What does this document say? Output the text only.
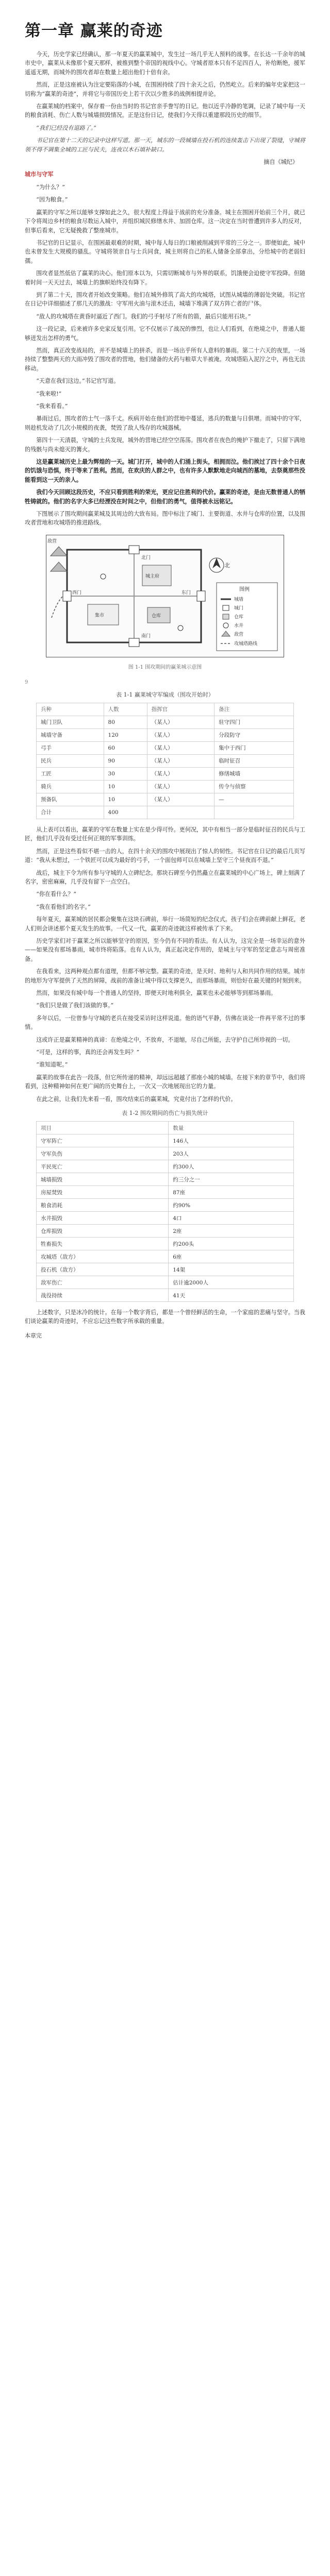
第一章 赢莱的奇迹

今天，历史学家已经确认，那一年夏天的赢莱城中，发生过一场几乎无人预料的战事。在长达一千余年的城市史中，赢莱从未像那个夏天那样，被推到整个帝国的视线中心。守城者原本只有不足四百人，补给断绝，援军遥遥无期，而城外的围攻者却在数量上超出他们十倍有余。

然而，正是这座被认为注定要陷落的小城，在围困持续了四十余天之后，仍然屹立。后来的编年史家把这一切称为“赢莱的奇迹”，并将它与帝国历史上若干次以少胜多的战例相提并论。

在赢莱城的档案中，保存着一份由当时的书记官亲手誊写的日记。他以近乎冷静的笔调，记录了城中每一天的粮食消耗、伤亡人数与城墙损毁情况。正是这份日记，使我们今天得以重建那段历史的细节。

“我们已经没有退路了。”

书记官在第十二天的记录中这样写道。那一天，城东的一段城墙在投石机的连续轰击下出现了裂缝，守城将领不得不调集全城的工匠与民夫，连夜以木石填补缺口。

摘自《城纪》

城市与守军

“为什么？”

“因为粮食。”

赢莱的守军之所以能够支撑如此之久，很大程度上得益于战前的充分准备。城主在围困开始前三个月，就已下令将周边乡村的粮食尽数运入城中，并组织城民修缮水井、加固仓库。这一决定在当时曾遭到许多人的反对，但事后看来，它无疑挽救了整座城市。

书记官的日记显示，在围困最艰难的时期，城中每人每日的口粮被削减到平常的三分之一。即便如此，城中也未曾发生大规模的骚乱。守城将领亲自与士兵同食，城主则将自己的私人储备全部拿出，分给城中的老弱妇孺。

围攻者显然低估了赢莱的决心。他们原本以为，只需切断城市与外界的联系，饥饿便会迫使守军投降。但随着时间一天天过去，城墙上的旗帜始终没有降下。

到了第二十天，围攻者开始改变策略。他们在城外修筑了高大的攻城塔，试图从城墙的薄弱处突破。书记官在日记中详细描述了那几天的激战：守军用火油与滚木还击，城墙下堆满了双方阵亡者的尸体。

“敌人的攻城塔在黄昏时逼近了西门。我们的弓手射尽了所有的箭，最后只能用石块。”

这一段记录，后来被许多史家反复引用。它不仅展示了战况的惨烈，也让人们看到，在绝境之中，普通人能够迸发出怎样的勇气。

然而，真正改变战局的，并不是城墙上的拼杀，而是一场出乎所有人意料的暴雨。第二十六天的夜里，一场持续了整整两天的大雨冲毁了围攻者的营地，他们储备的火药与粮草大半被淹。攻城塔陷入泥泞之中，再也无法移动。

“天意在我们这边。”书记官写道。

“我来啦!”

“我来看看。”

暴雨过后，围攻者的士气一落千丈。疾病开始在他们的营地中蔓延，逃兵的数量与日俱增。而城中的守军，则趁机发动了几次小规模的夜袭，焚毁了敌人残存的攻城器械。

第四十一天清晨，守城的士兵发现，城外的营地已经空空荡荡。围攻者在夜色的掩护下撤走了，只留下满地的残骸与尚未熄灭的篝火。

这是赢莱城历史上最为辉煌的一天。城门打开，城中的人们涌上街头，相拥而泣。他们挨过了四十余个日夜的饥饿与恐惧，终于等来了胜利。然而，在欢庆的人群之中，也有许多人默默地走向城西的墓地，去祭奠那些没能看到这一天的亲人。

我们今天回顾这段历史，不应只看到胜利的荣光，更应记住胜利的代价。赢莱的奇迹，是由无数普通人的牺牲铸就的。他们的名字大多已经湮没在时间之中，但他们的勇气，值得被永远铭记。

下图展示了围攻期间赢莱城及其周边的大致布局。图中标注了城门、主要街道、水井与仓库的位置，以及围攻者营地和攻城塔的推进路线。

西门	东门
南门
北门
城主府
集市	仓库
敌营
北
图例
城墙
城门
仓库
水井
敌营
攻城塔路线

图 1-1 围攻期间的赢莱城示意图

9

表 1-1 赢莱城守军编成（围攻开始时）

兵种	人数	指挥官	备注
城门卫队	80	（某人）	驻守四门
城墙守备	120	（某人）	分段防守
弓手	60	（某人）	集中于西门
民兵	90	（某人）	临时征召
工匠	30	（某人）	修缮城墙
骑兵	10	（某人）	传令与侦察
预备队	10	（某人）	—
合计	400		

从上表可以看出，赢莱的守军在数量上实在是少得可怜。更何况，其中有相当一部分是临时征召的民兵与工匠，他们几乎没有受过任何正规的军事训练。

然而，正是这些看似不堪一击的人，在四十余天的围攻中展现出了惊人的韧性。书记官在日记的最后几页写道：“我从未想过，一个铁匠可以成为最好的弓手，一个面包师可以在城墙上坚守三个昼夜而不退。”

战后，城主下令为所有参与守城的人立碑纪念。那块石碑至今仍然矗立在赢莱城的中心广场上，碑上刻满了名字，密密麻麻，几乎没有留下一点空白。

“你在看什么？”

“我在看他们的名字。”

每年夏天，赢莱城的居民都会聚集在这块石碑前，举行一场简短的纪念仪式。孩子们会在碑前献上鲜花，老人们则会讲述那个夏天发生的故事。一代又一代，赢莱的奇迹就这样被传承了下来。

历史学家们对于赢莱之所以能够坚守的原因，至今仍有不同的看法。有人认为，这完全是一场幸运的意外——如果没有那场暴雨，城市终将陷落。也有人认为，真正起决定作用的，是城主与守军的坚定意志与周密准备。

在我看来，这两种观点都有道理，但都不够完整。赢莱的奇迹，是天时、地利与人和共同作用的结果。城市的地形为守军提供了天然的屏障，战前的准备让城中得以支撑更久，而那场暴雨，则恰好在最关键的时刻到来。

然而，如果没有城中每一个普通人的坚持，即便天时地利俱全，赢莱也未必能够等到那场暴雨。

“我们只是做了我们该做的事。”

多年以后，一位曾参与守城的老兵在接受采访时这样说道。他的语气平静，仿佛在谈论一件再平常不过的事情。

这或许正是赢莱精神的真谛：在绝境之中，不放弃，不退缩，尽自己所能，去守护自己所珍视的一切。

“可是，这样的事，真的还会再发生吗？”

“谁知道呢。”

赢莱的故事在此告一段落，但它所传递的精神，却远远超越了那座小城的城墙。在接下来的章节中，我们将看到，这种精神如何在更广阔的历史舞台上，一次又一次地展现出它的力量。

在此之前，让我们先来看一看，围攻结束后的赢莱城，究竟付出了怎样的代价。

表 1-2 围攻期间的伤亡与损失统计

项目	数量
守军阵亡	146人
守军负伤	203人
平民死亡	约300人
城墙损毁	约三分之一
房屋焚毁	87座
粮食消耗	约90%
水井损毁	4口
仓库损毁	2座
牲畜损失	约200头
攻城塔（敌方）	6座
投石机（敌方）	14架
敌军伤亡	估计逾2000人
战役持续	41天

上述数字，只是冰冷的统计。在每一个数字背后，都是一个曾经鲜活的生命，一个家庭的悲痛与坚守。当我们谈论赢莱的奇迹时，不应忘记这些数字所承载的重量。

本章完
